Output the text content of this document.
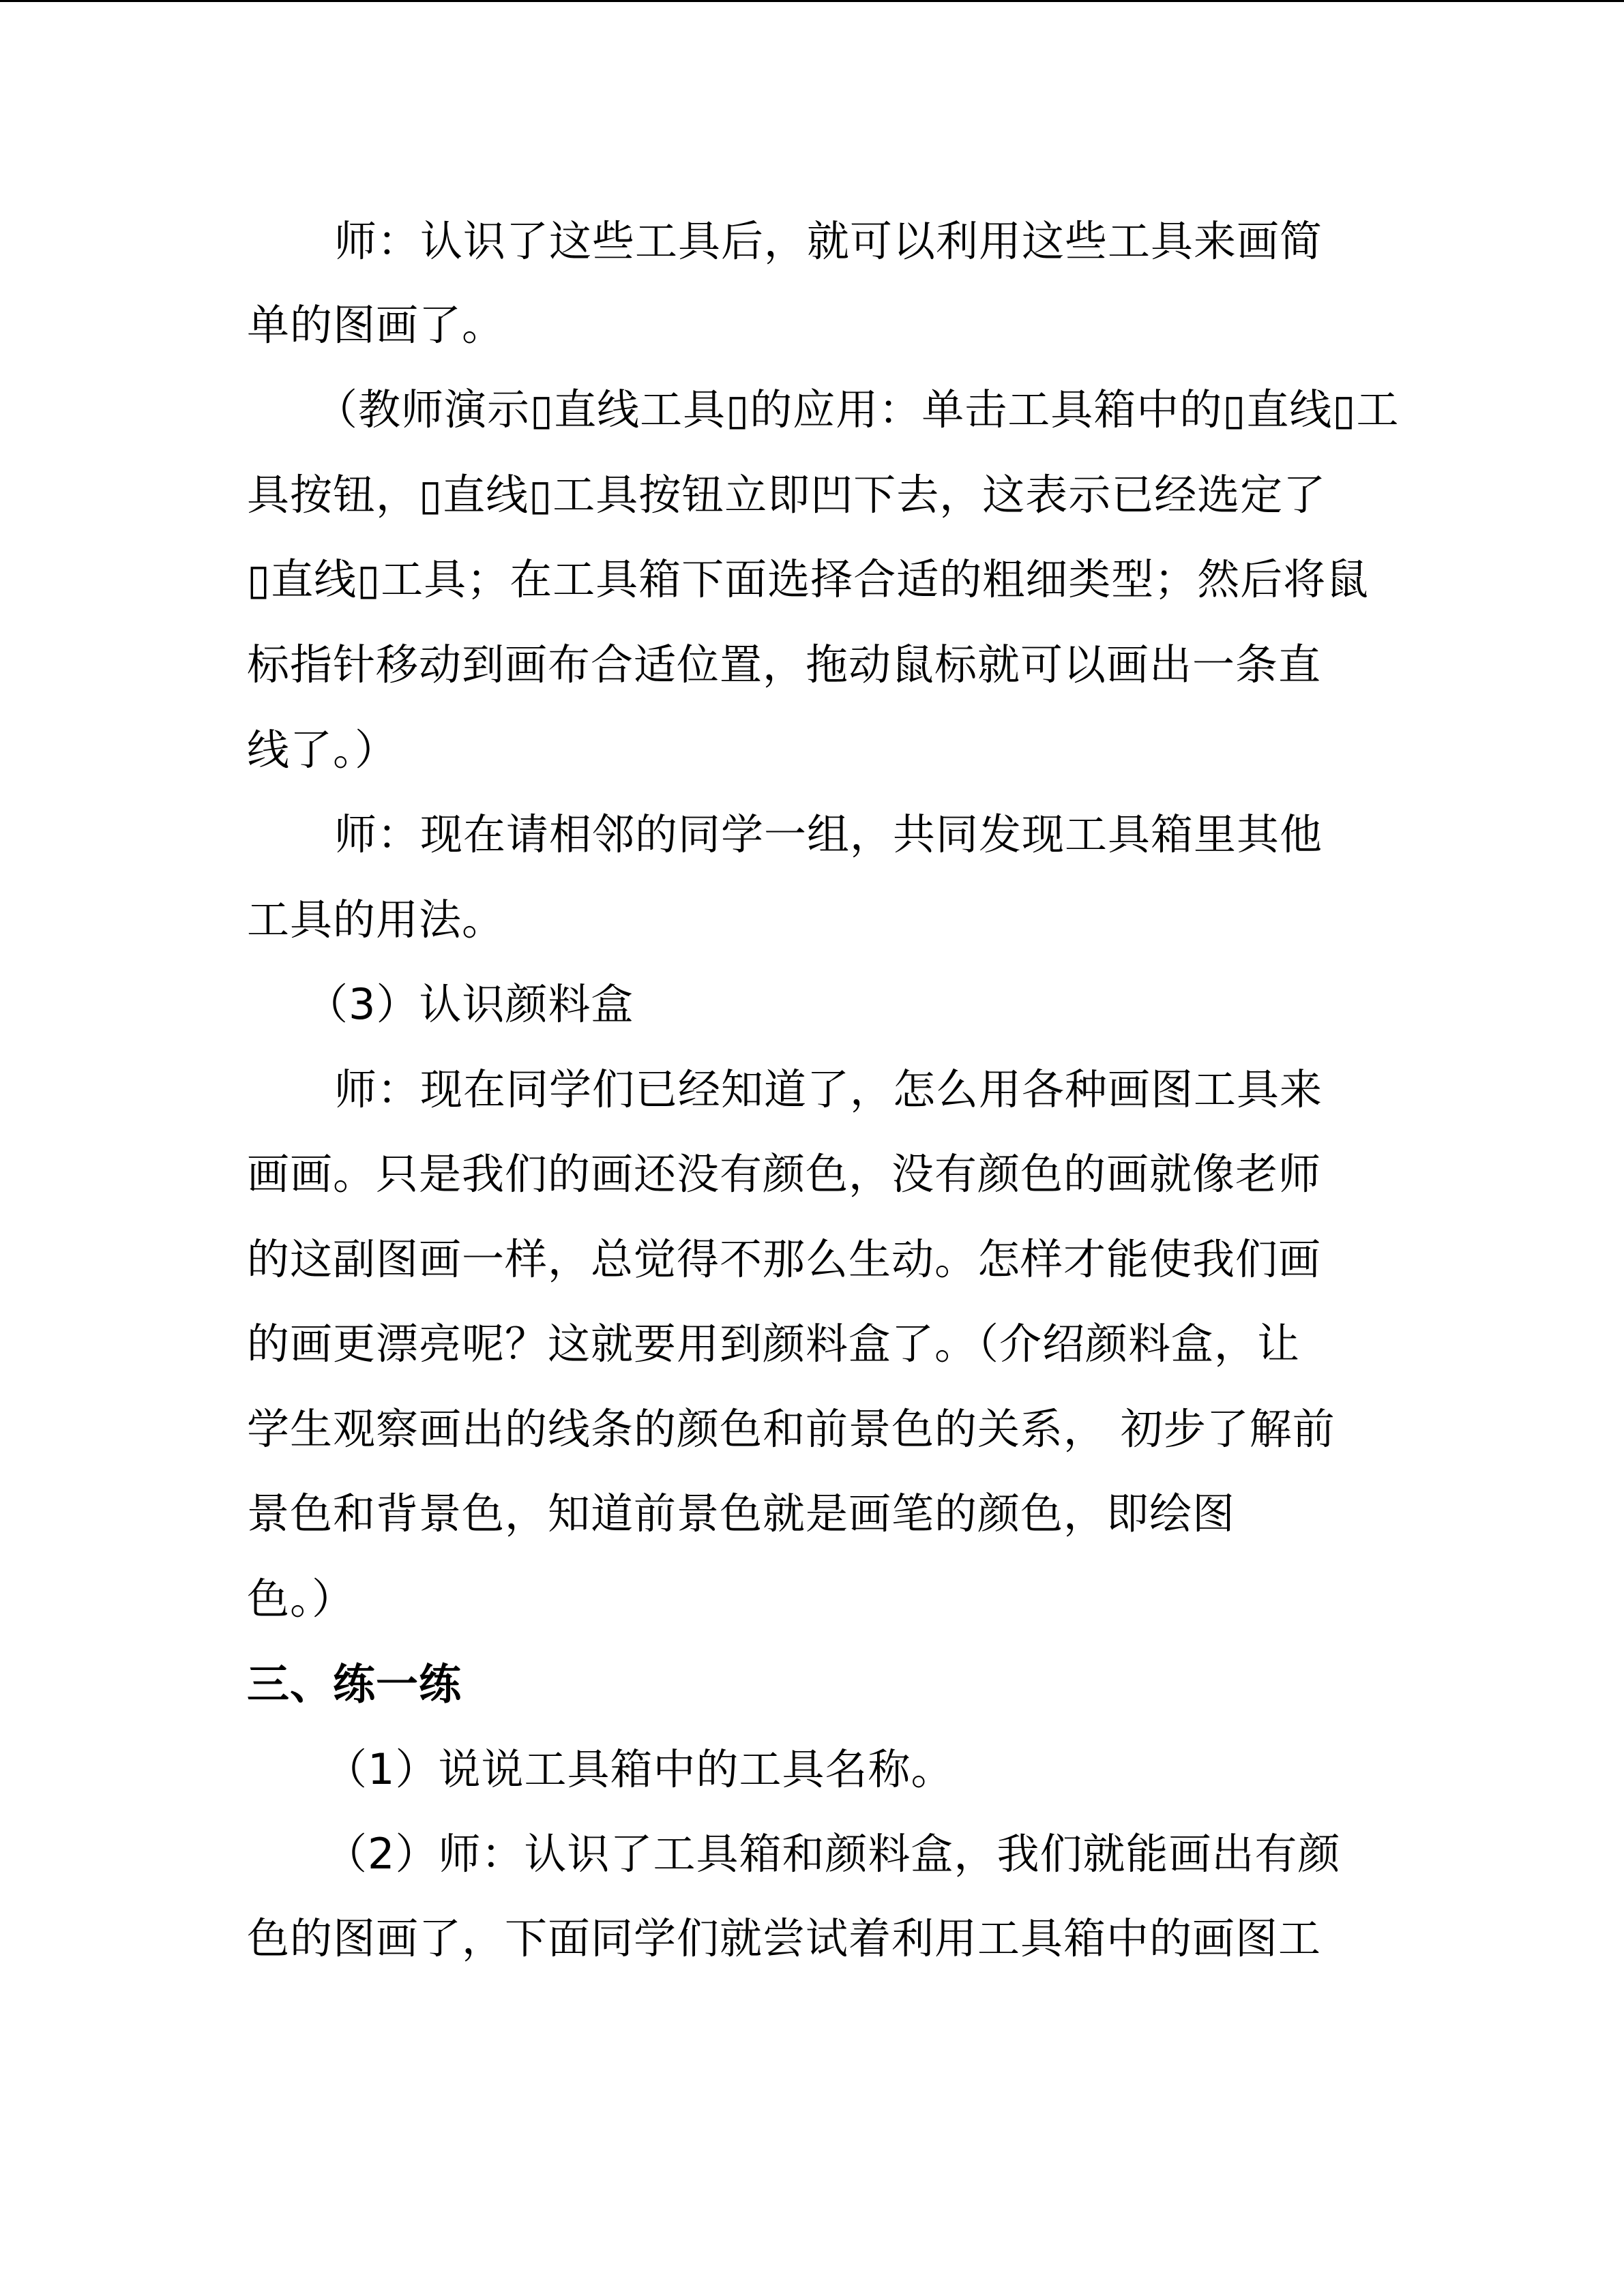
师：认识了这些工具后，就可以利用这些工具来画简
单的图画了。
（教师演示▯直线工具▯的应用：单击工具箱中的▯直线▯工
具按钮，▯直线▯工具按钮立即凹下去，这表示已经选定了
▯直线▯工具；在工具箱下面选择合适的粗细类型；然后将鼠
标指针移动到画布合适位置，拖动鼠标就可以画出一条直
线了。）
师：现在请相邻的同学一组，共同发现工具箱里其他
工具的用法。
（3）认识颜料盒
师：现在同学们已经知道了，怎么用各种画图工具来
画画。只是我们的画还没有颜色，没有颜色的画就像老师
的这副图画一样，总觉得不那么生动。怎样才能使我们画
的画更漂亮呢？这就要用到颜料盒了。（介绍颜料盒，让
学生观察画出的线条的颜色和前景色的关系， 初步了解前
景色和背景色，知道前景色就是画笔的颜色，即绘图
色。）
三、练一练
（1）说说工具箱中的工具名称。
（2）师：认识了工具箱和颜料盒，我们就能画出有颜
色的图画了，下面同学们就尝试着利用工具箱中的画图工
